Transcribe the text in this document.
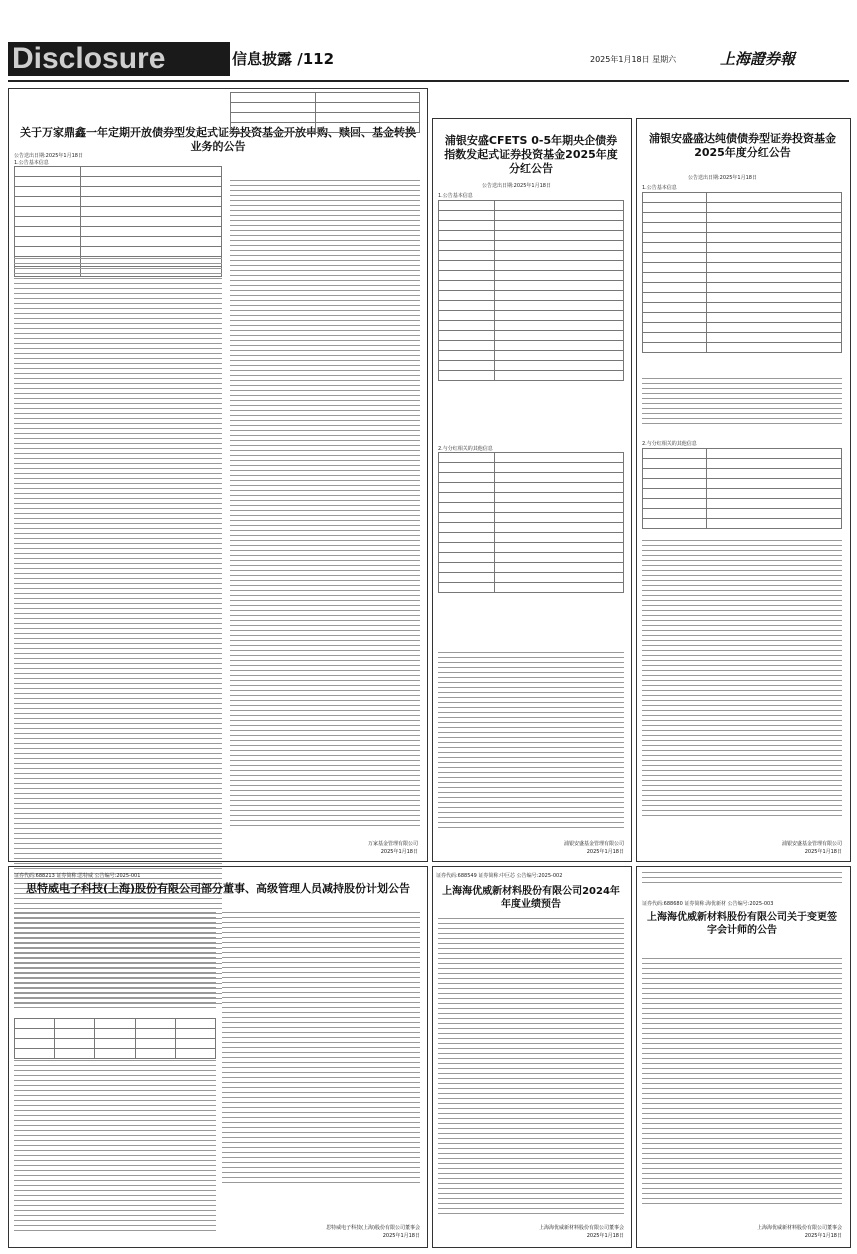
Disclosure	信息披露 /112	2025年1月18日 星期六	上海證券報
关于万家鼎鑫一年定期开放债券型发起式证券投资基金开放申购、赎回、基金转换业务的公告
公告送出日期:2025年1月18日
1.公告基本信息

万家基金管理有限公司
2025年1月18日
浦银安盛CFETS 0-5年期央企债券指数发起式证券投资基金2025年度分红公告
公告送出日期:2025年1月18日
1.公告基本信息

2.与分红相关的其他信息

浦银安盛基金管理有限公司
2025年1月18日
浦银安盛盛达纯债债券型证券投资基金2025年度分红公告
公告送出日期:2025年1月18日
1.公告基本信息

2.与分红相关的其他信息

浦银安盛基金管理有限公司
2025年1月18日
证券代码:688213 证券简称:思特威 公告编号:2025-001
思特威电子科技(上海)股份有限公司部分董事、高级管理人员减持股份计划公告

思特威电子科技(上海)股份有限公司董事会
2025年1月18日
证券代码:688549 证券简称:中巨芯 公告编号:2025-002
上海海优威新材料股份有限公司2024年年度业绩预告
上海海优威新材料股份有限公司董事会
2025年1月18日
证券代码:688680 证券简称:海优新材 公告编号:2025-003
上海海优威新材料股份有限公司关于变更签字会计师的公告
上海海优威新材料股份有限公司董事会
2025年1月18日
